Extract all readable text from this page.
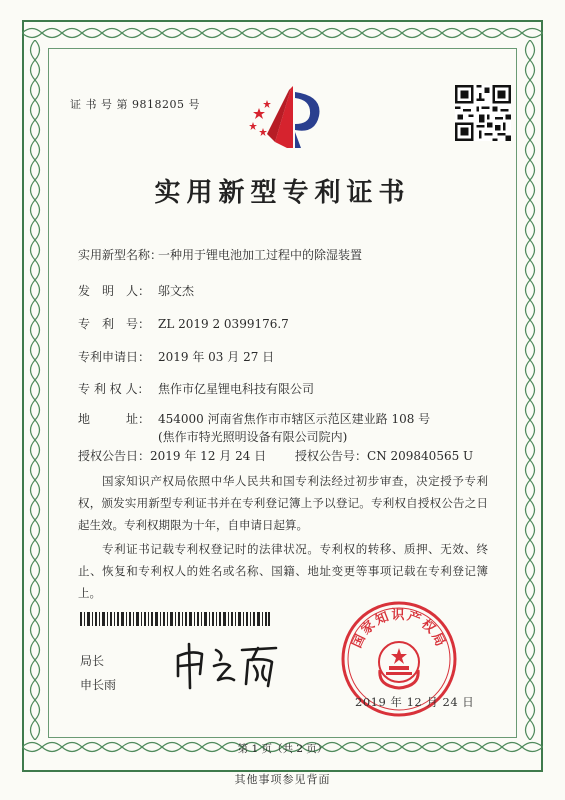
证 书 号 第 9818205 号
实用新型专利证书
实用新型名称：一种用于锂电池加工过程中的除湿装置
发　明　人： 邬文杰
专　利　号： ZL 2019 2 0399176.7
专利申请日： 2019 年 03 月 27 日
专 利 权 人： 焦作市亿星锂电科技有限公司
地　　　址： 454000 河南省焦作市市辖区示范区建业路 108 号(焦作市特光照明设备有限公司院内)
授权公告日：2019 年 12 月 24 日 授权公告号：CN 209840565 U
国家知识产权局依照中华人民共和国专利法经过初步审查，决定授予专利权，颁发实用新型专利证书并在专利登记簿上予以登记。专利权自授权公告之日起生效。专利权期限为十年，自申请日起算。
专利证书记载专利权登记时的法律状况。专利权的转移、质押、无效、终止、恢复和专利权人的姓名或名称、国籍、地址变更等事项记载在专利登记簿上。
局长
申长雨
国家知识产权局
2019 年 12 月 24 日
第 1 页（共 2 页）
其他事项参见背面
